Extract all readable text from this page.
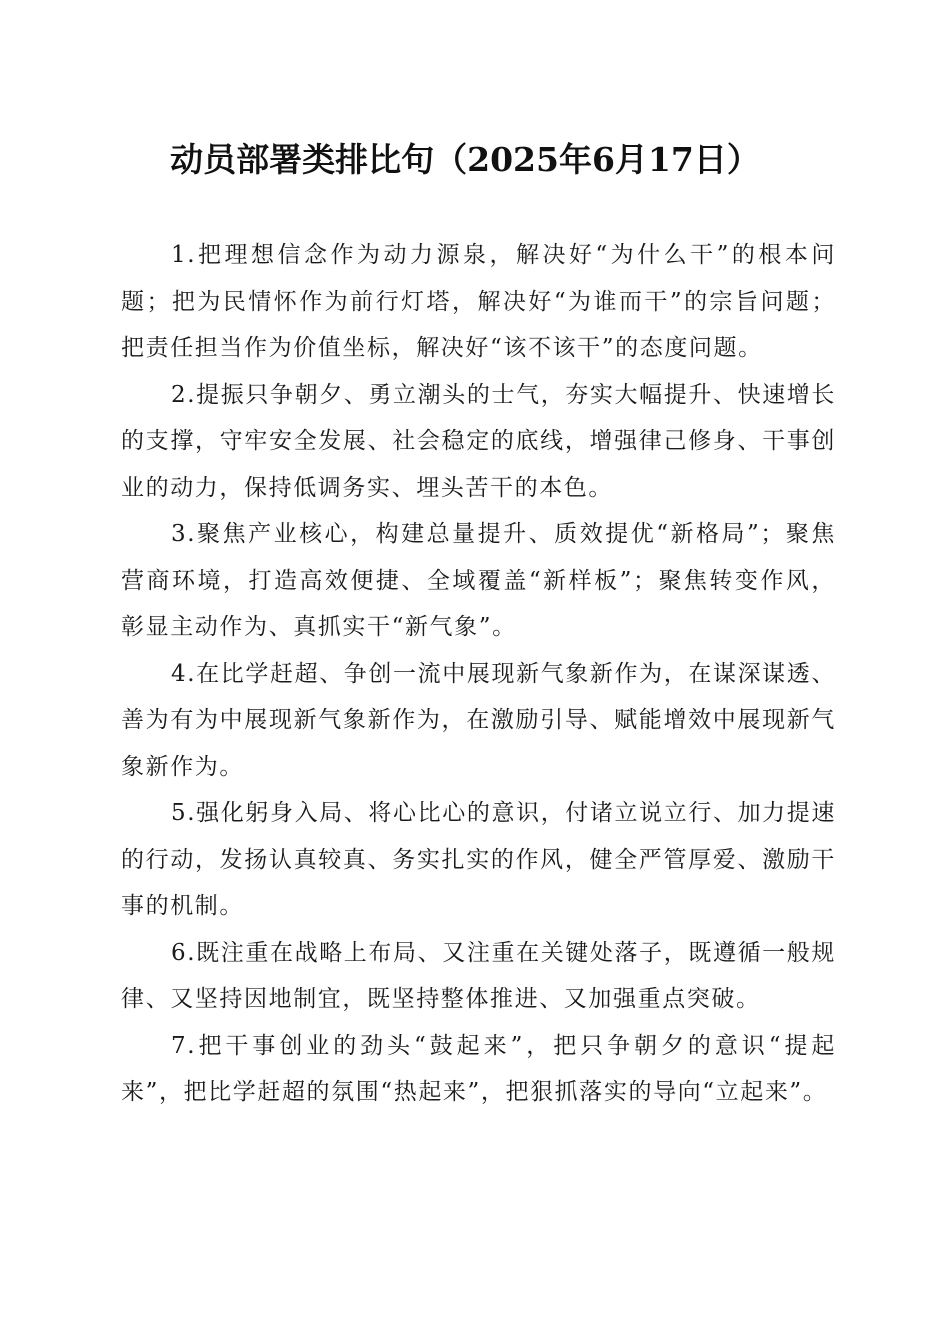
动员部署类排比句（2025年6月17日）

1.把理想信念作为动力源泉，解决好“为什么干”的根本问题；把为民情怀作为前行灯塔，解决好“为谁而干”的宗旨问题；把责任担当作为价值坐标，解决好“该不该干”的态度问题。

2.提振只争朝夕、勇立潮头的士气，夯实大幅提升、快速增长的支撑，守牢安全发展、社会稳定的底线，增强律己修身、干事创业的动力，保持低调务实、埋头苦干的本色。

3.聚焦产业核心，构建总量提升、质效提优“新格局”；聚焦营商环境，打造高效便捷、全域覆盖“新样板”；聚焦转变作风，彰显主动作为、真抓实干“新气象”。

4.在比学赶超、争创一流中展现新气象新作为，在谋深谋透、善为有为中展现新气象新作为，在激励引导、赋能增效中展现新气象新作为。

5.强化躬身入局、将心比心的意识，付诸立说立行、加力提速的行动，发扬认真较真、务实扎实的作风，健全严管厚爱、激励干事的机制。

6.既注重在战略上布局、又注重在关键处落子，既遵循一般规律、又坚持因地制宜，既坚持整体推进、又加强重点突破。

7.把干事创业的劲头“鼓起来”，把只争朝夕的意识“提起来”，把比学赶超的氛围“热起来”，把狠抓落实的导向“立起来”。
